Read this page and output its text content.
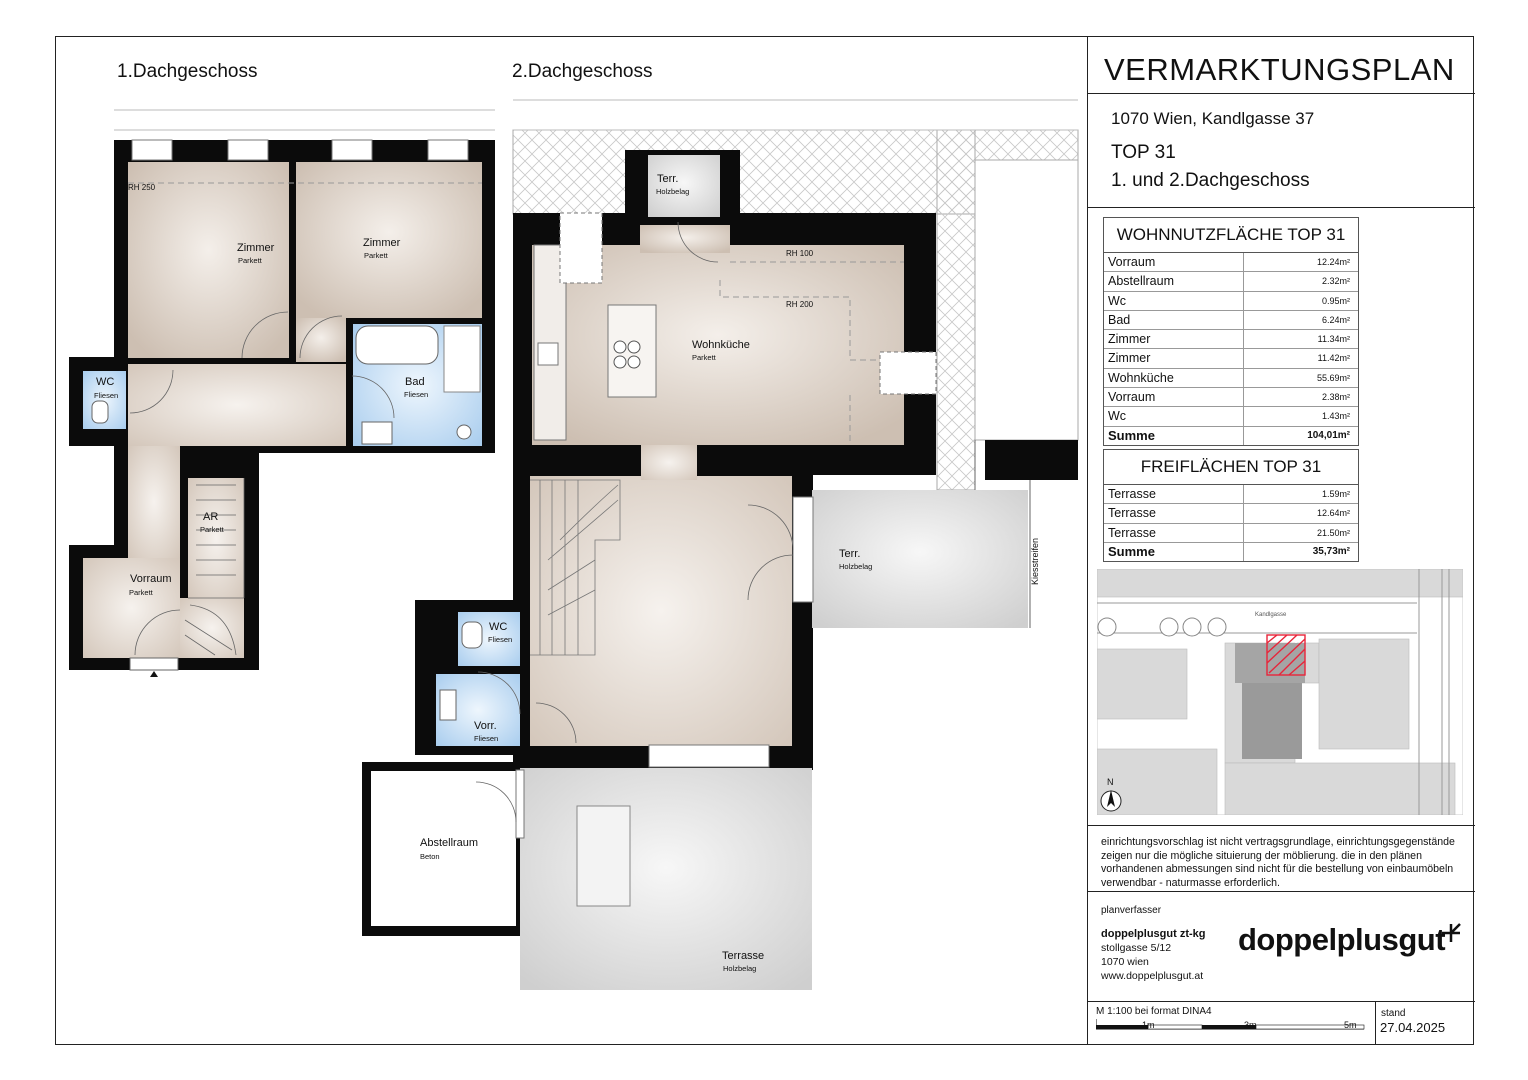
1.Dachgeschoss	2.Dachgeschoss
RH 250
RH 100
RH 200
Kiesstreifen
Zimmer
Parkett
Zimmer
Parkett
WC
Fliesen
Bad
Fliesen
AR
Parkett
Vorraum
Parkett
Terr.
Holzbelag
Wohnküche
Parkett
Terr.
Holzbelag
WC
Fliesen
Vorr.
Fliesen
Abstellraum
Beton
Terrasse
Holzbelag
VERMARKTUNGSPLAN
1070 Wien, Kandlgasse 37
TOP 31
1. und 2.Dachgeschoss
WOHNNUTZFLÄCHE TOP 31
Vorraum	12.24m²
Abstellraum	2.32m²
Wc	0.95m²
Bad	6.24m²
Zimmer	11.34m²
Zimmer	11.42m²
Wohnküche	55.69m²
Vorraum	2.38m²
Wc	1.43m²
Summe	104,01m²
FREIFLÄCHEN TOP 31
Terrasse	1.59m²
Terrasse	12.64m²
Terrasse	21.50m²
Summe	35,73m²
Kandlgasse
N
einrichtungsvorschlag ist nicht vertragsgrundlage, einrichtungsgegenstände zeigen nur die mögliche situierung der möblierung. die in den plänen vorhandenen abmessungen sind nicht für die bestellung von einbaumöbeln verwendbar - naturmasse erforderlich.
planverfasser
doppelplusgut zt-kg
stollgasse 5/12
1070 wien
www.doppelplusgut.at
doppelplusgut
M 1:100 bei format DINA4
1m	3m	5m
stand
27.04.2025
